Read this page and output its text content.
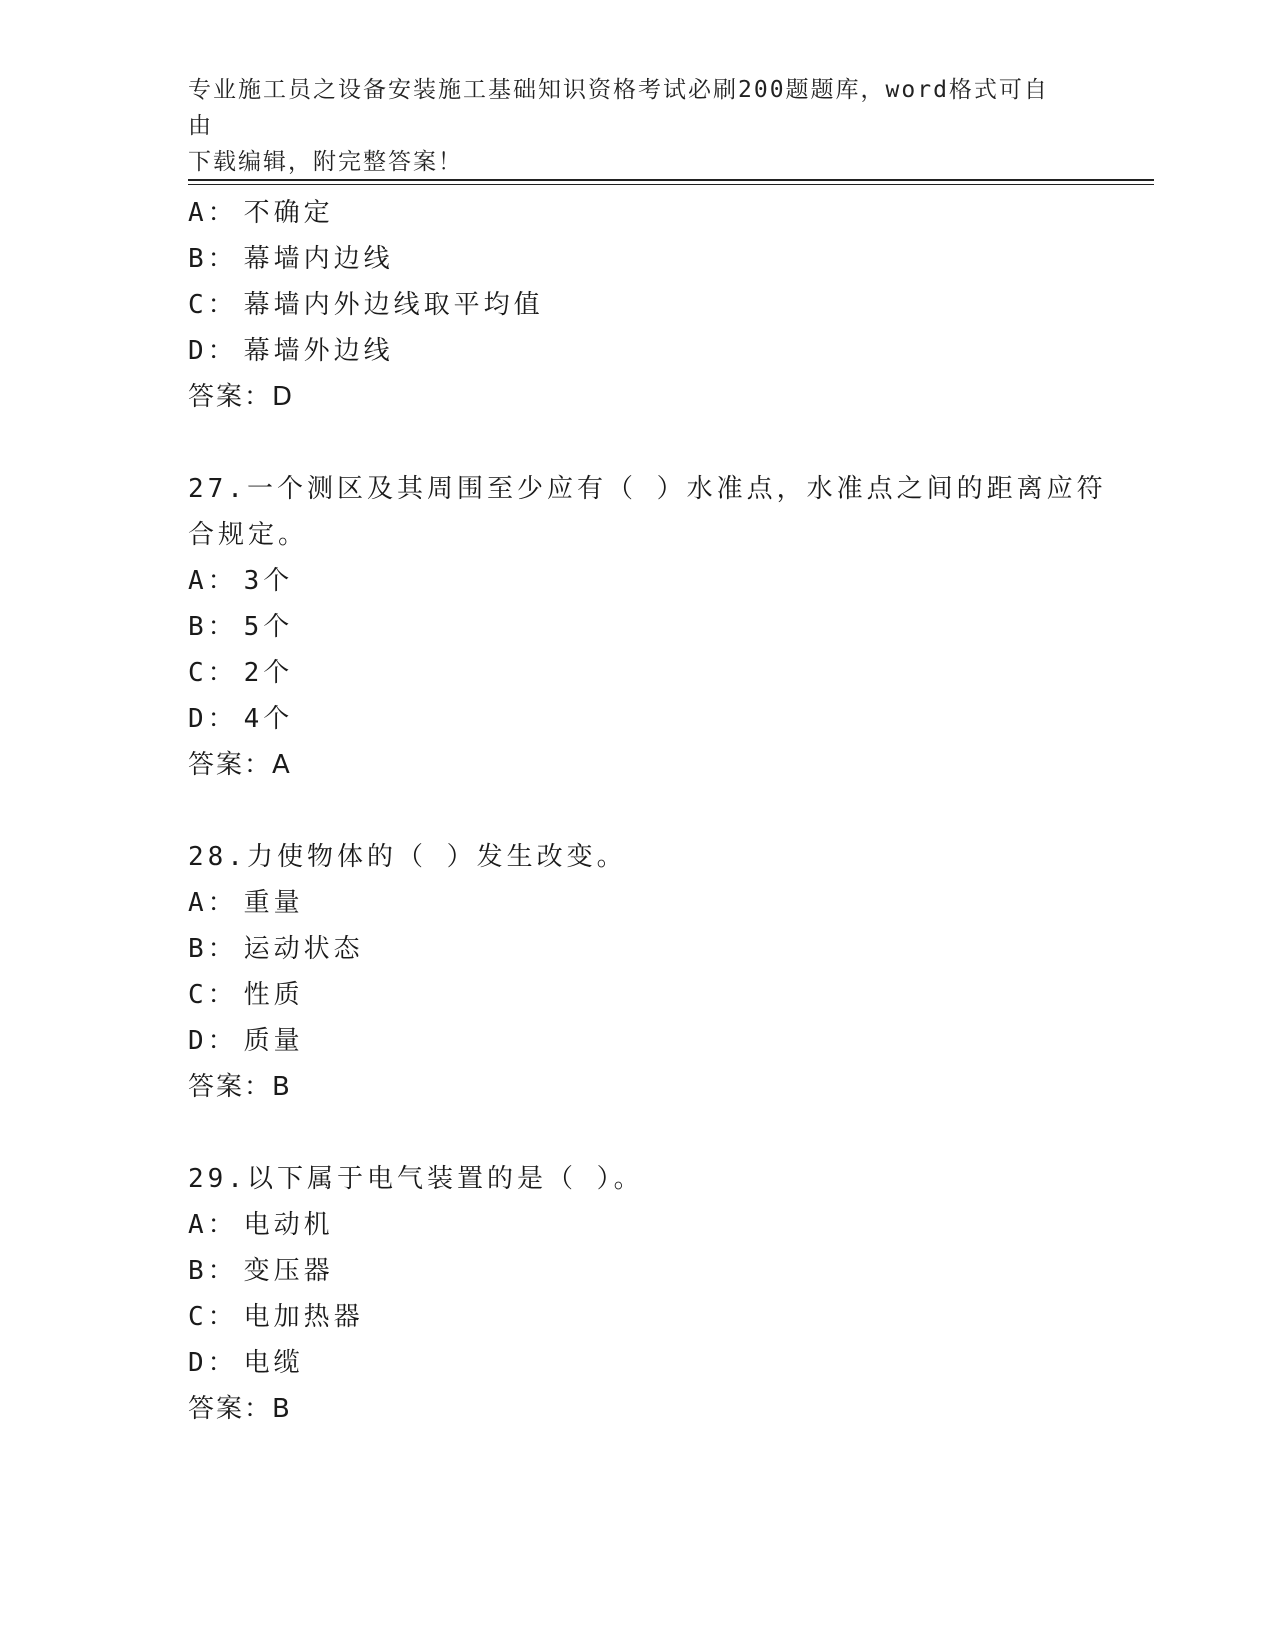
专业施工员之设备安装施工基础知识资格考试必刷200题题库，word格式可自由
下载编辑，附完整答案！
A： 不确定
B： 幕墙内边线
C： 幕墙内外边线取平均值
D： 幕墙外边线
答案：D
27.一个测区及其周围至少应有（ ）水准点，水准点之间的距离应符
合规定。
A： 3个
B： 5个
C： 2个
D： 4个
答案：A
28.力使物体的（ ）发生改变。
A： 重量
B： 运动状态
C： 性质
D： 质量
答案：B
29.以下属于电气装置的是（ ）。
A： 电动机
B： 变压器
C： 电加热器
D： 电缆
答案：B
